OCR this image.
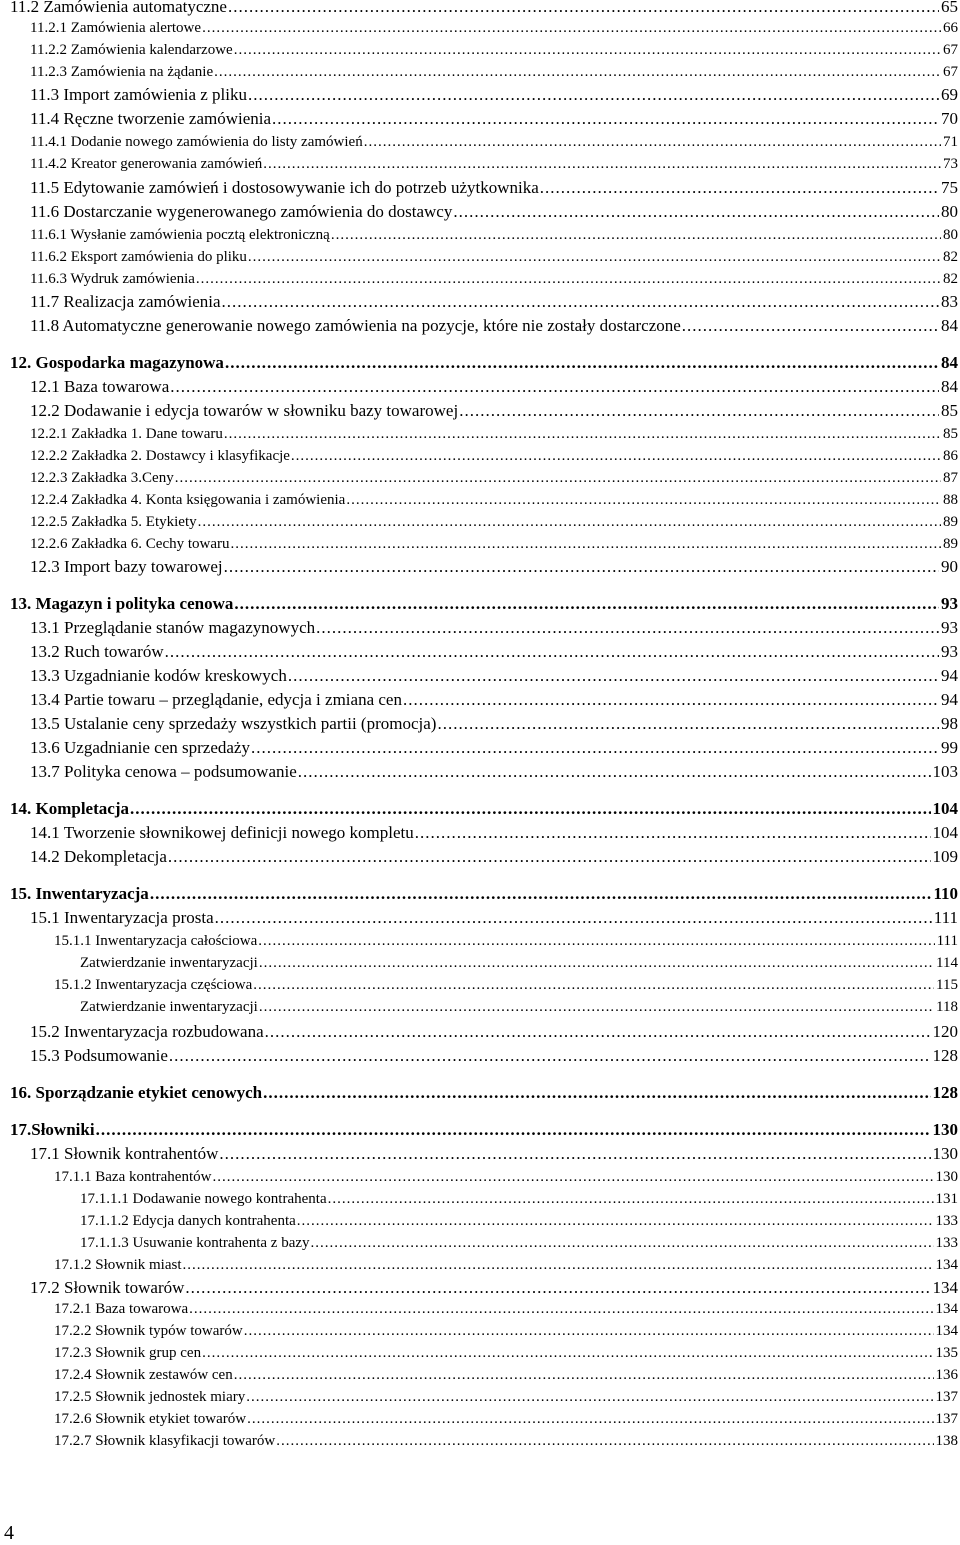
11.2 Zamówienia automatyczne .....	65
11.2.1 Zamówienia alertowe .....	66
11.2.2 Zamówienia kalendarzowe .....	67
11.2.3 Zamówienia na żądanie .....	67
11.3 Import zamówienia z pliku .....	69
11.4 Ręczne tworzenie zamówienia .....	70
11.4.1 Dodanie nowego zamówienia do listy zamówień .....	71
11.4.2 Kreator generowania zamówień .....	73
11.5 Edytowanie zamówień i dostosowywanie ich do potrzeb użytkownika .....	75
11.6 Dostarczanie wygenerowanego zamówienia do dostawcy .....	80
11.6.1 Wysłanie zamówienia pocztą elektroniczną .....	80
11.6.2 Eksport zamówienia do pliku .....	82
11.6.3 Wydruk zamówienia .....	82
11.7 Realizacja zamówienia .....	83
11.8 Automatyczne generowanie nowego zamówienia na pozycje, które nie zostały dostarczone .....	84
12. Gospodarka magazynowa .....	84
12.1 Baza towarowa .....	84
12.2 Dodawanie i edycja towarów w słowniku bazy towarowej .....	85
12.2.1 Zakładka 1. Dane towaru .....	85
12.2.2 Zakładka 2. Dostawcy i klasyfikacje .....	86
12.2.3 Zakładka 3.Ceny .....	87
12.2.4 Zakładka 4. Konta księgowania i zamówienia .....	88
12.2.5 Zakładka 5. Etykiety .....	89
12.2.6 Zakładka 6. Cechy towaru .....	89
12.3 Import bazy towarowej .....	90
13. Magazyn i polityka cenowa .....	93
13.1 Przeglądanie stanów magazynowych .....	93
13.2 Ruch towarów .....	93
13.3 Uzgadnianie kodów kreskowych .....	94
13.4 Partie towaru – przeglądanie, edycja i zmiana cen .....	94
13.5 Ustalanie ceny sprzedaży wszystkich partii (promocja) .....	98
13.6 Uzgadnianie cen sprzedaży .....	99
13.7 Polityka cenowa – podsumowanie .....	103
14. Kompletacja .....	104
14.1 Tworzenie słownikowej definicji nowego kompletu .....	104
14.2 Dekompletacja .....	109
15. Inwentaryzacja .....	110
15.1 Inwentaryzacja prosta .....	111
15.1.1 Inwentaryzacja całościowa .....	111
Zatwierdzanie inwentaryzacji .....	114
15.1.2 Inwentaryzacja częściowa .....	115
Zatwierdzanie inwentaryzacji .....	118
15.2 Inwentaryzacja rozbudowana .....	120
15.3 Podsumowanie .....	128
16. Sporządzanie etykiet cenowych .....	128
17.Słowniki .....	130
17.1 Słownik kontrahentów .....	130
17.1.1 Baza kontrahentów .....	130
17.1.1.1 Dodawanie nowego kontrahenta .....	131
17.1.1.2 Edycja danych kontrahenta .....	133
17.1.1.3 Usuwanie kontrahenta z bazy .....	133
17.1.2 Słownik miast .....	134
17.2 Słownik towarów .....	134
17.2.1 Baza towarowa .....	134
17.2.2 Słownik typów towarów .....	134
17.2.3 Słownik grup cen .....	135
17.2.4 Słownik zestawów cen .....	136
17.2.5 Słownik jednostek miary .....	137
17.2.6 Słownik etykiet towarów .....	137
17.2.7 Słownik klasyfikacji towarów .....	138
4
